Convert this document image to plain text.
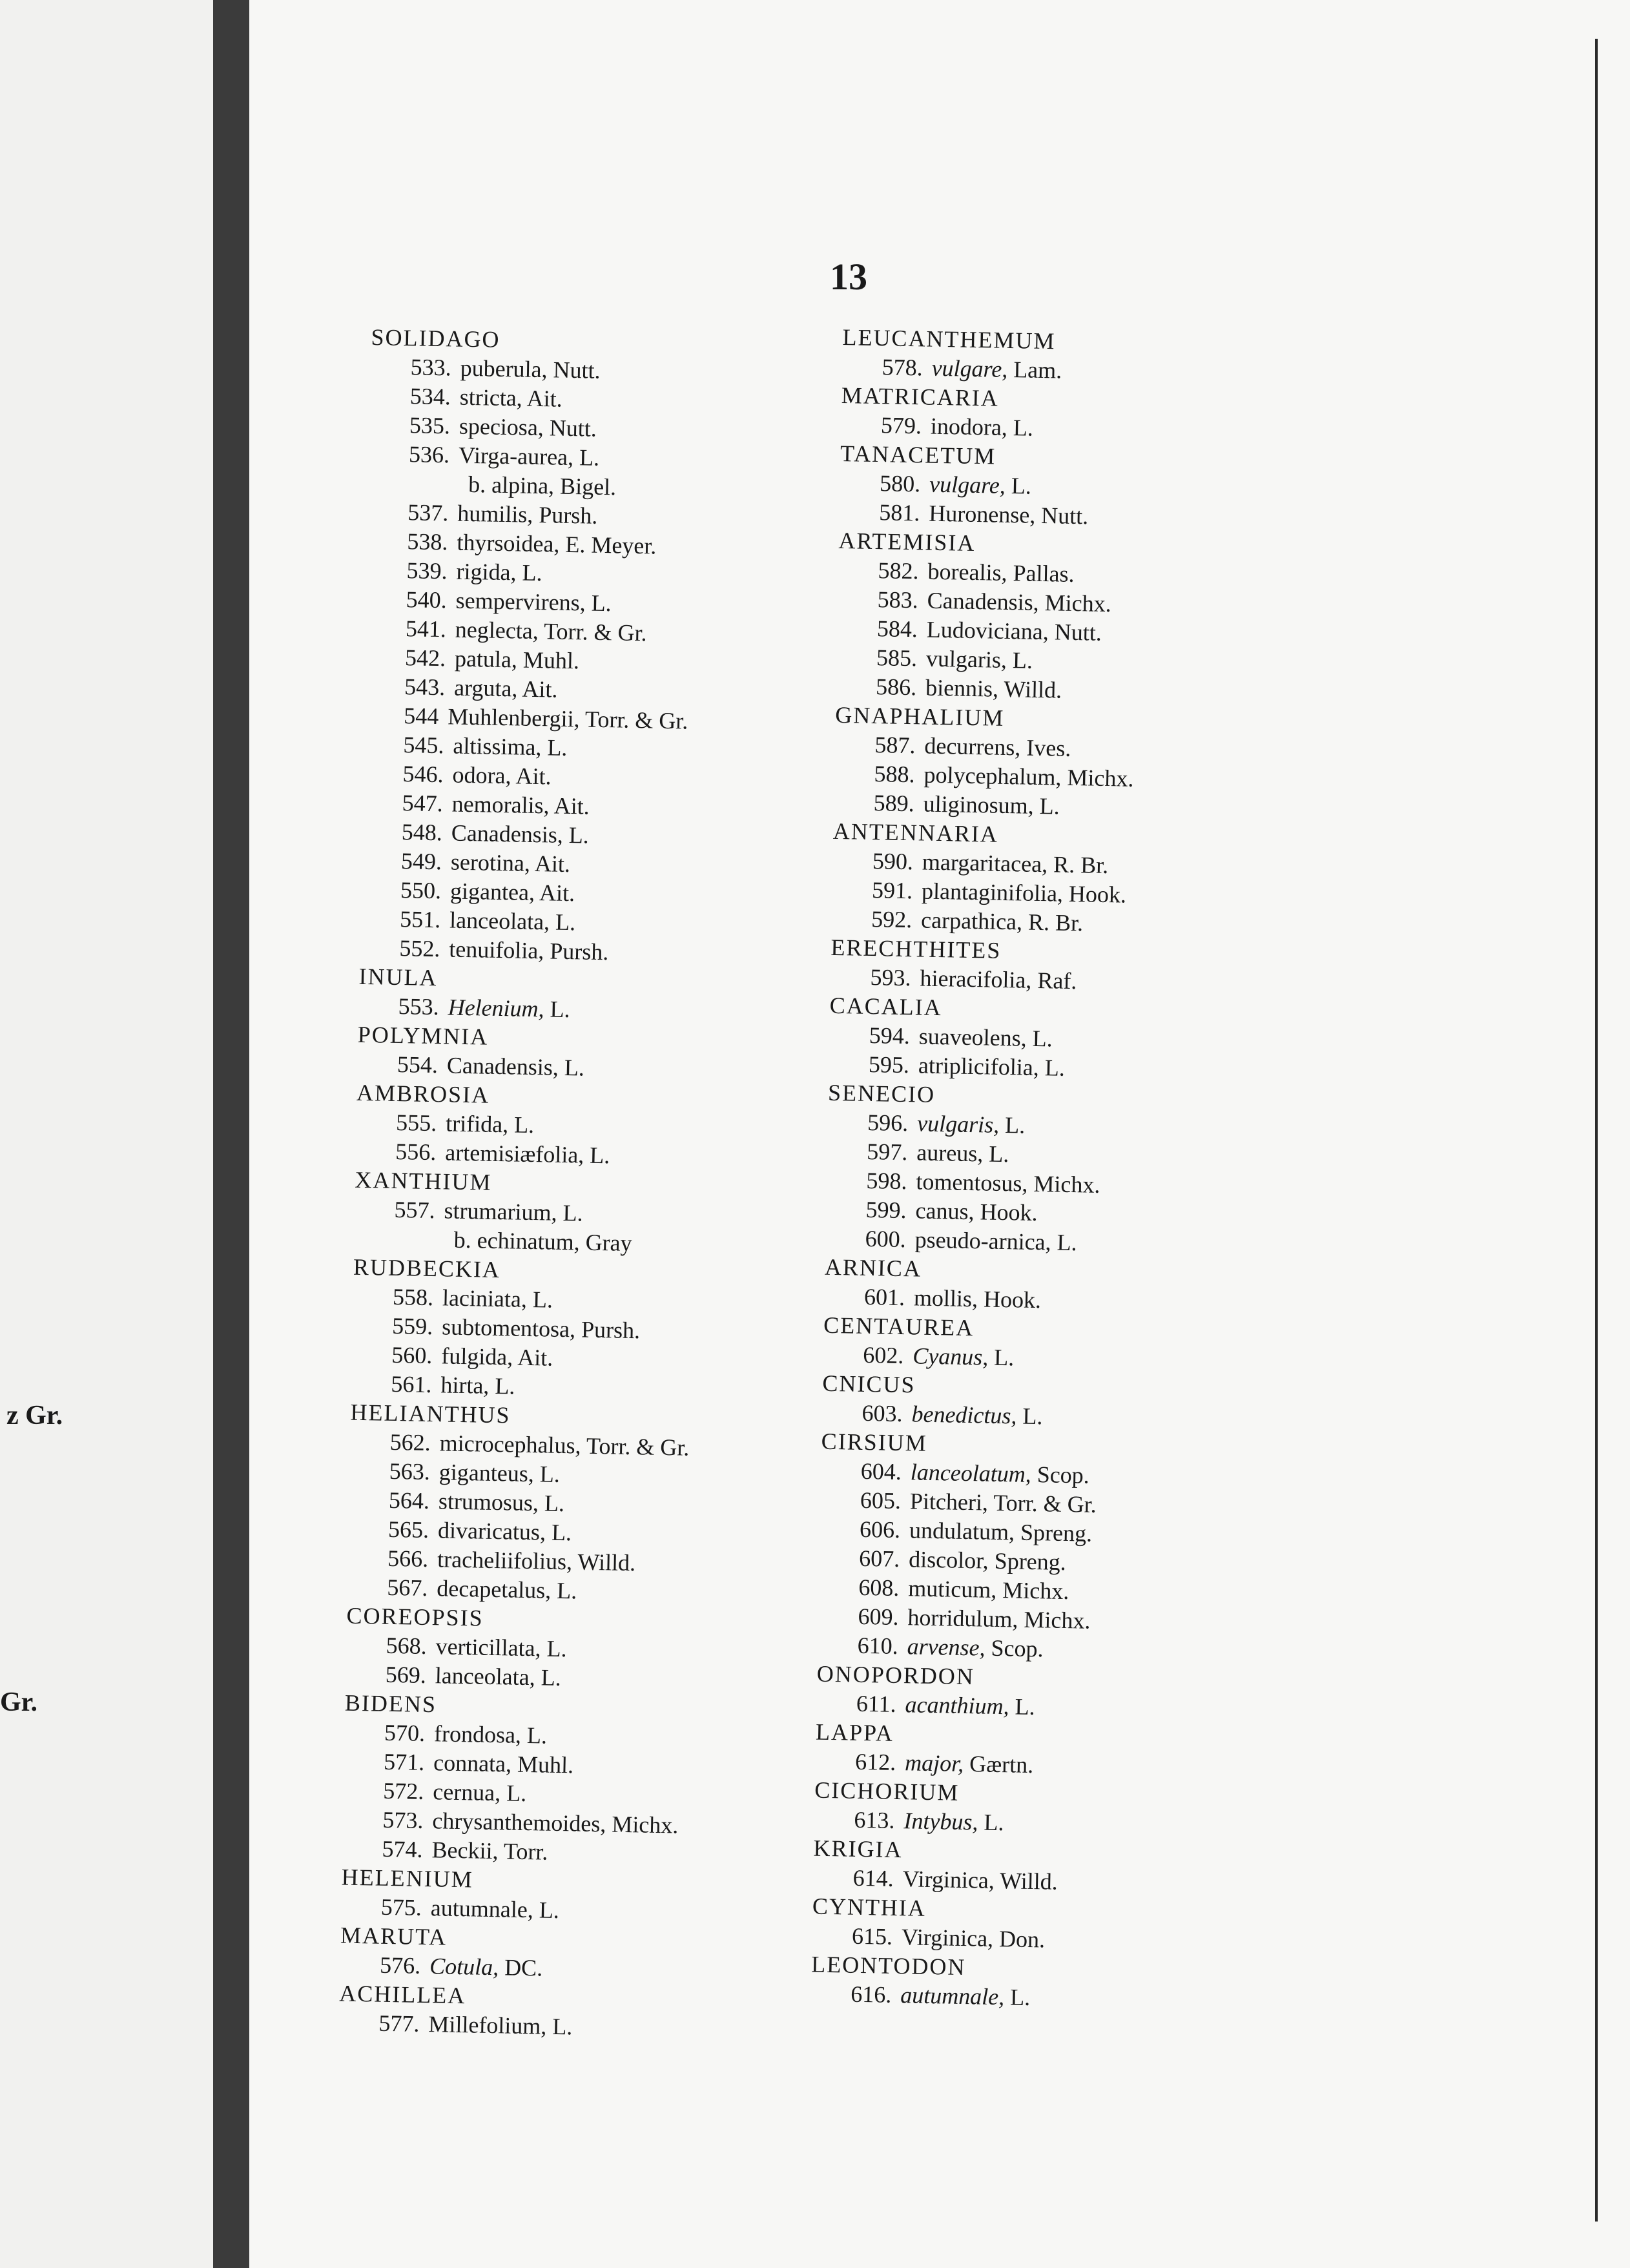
z Gr.
Gr.
13
SOLIDAGO
533. puberula, Nutt.
534. stricta, Ait.
535. speciosa, Nutt.
536. Virga-aurea, L.
b. alpina, Bigel.
537. humilis, Pursh.
538. thyrsoidea, E. Meyer.
539. rigida, L.
540. sempervirens, L.
541. neglecta, Torr. & Gr.
542. patula, Muhl.
543. arguta, Ait.
544 Muhlenbergii, Torr. & Gr.
545. altissima, L.
546. odora, Ait.
547. nemoralis, Ait.
548. Canadensis, L.
549. serotina, Ait.
550. gigantea, Ait.
551. lanceolata, L.
552. tenuifolia, Pursh.
INULA
553. Helenium, L.
POLYMNIA
554. Canadensis, L.
AMBROSIA
555. trifida, L.
556. artemisiæfolia, L.
XANTHIUM
557. strumarium, L.
b. echinatum, Gray
RUDBECKIA
558. laciniata, L.
559. subtomentosa, Pursh.
560. fulgida, Ait.
561. hirta, L.
HELIANTHUS
562. microcephalus, Torr. & Gr.
563. giganteus, L.
564. strumosus, L.
565. divaricatus, L.
566. tracheliifolius, Willd.
567. decapetalus, L.
COREOPSIS
568. verticillata, L.
569. lanceolata, L.
BIDENS
570. frondosa, L.
571. connata, Muhl.
572. cernua, L.
573. chrysanthemoides, Michx.
574. Beckii, Torr.
HELENIUM
575. autumnale, L.
MARUTA
576. Cotula, DC.
ACHILLEA
577. Millefolium, L.
LEUCANTHEMUM
578. vulgare, Lam.
MATRICARIA
579. inodora, L.
TANACETUM
580. vulgare, L.
581. Huronense, Nutt.
ARTEMISIA
582. borealis, Pallas.
583. Canadensis, Michx.
584. Ludoviciana, Nutt.
585. vulgaris, L.
586. biennis, Willd.
GNAPHALIUM
587. decurrens, Ives.
588. polycephalum, Michx.
589. uliginosum, L.
ANTENNARIA
590. margaritacea, R. Br.
591. plantaginifolia, Hook.
592. carpathica, R. Br.
ERECHTHITES
593. hieracifolia, Raf.
CACALIA
594. suaveolens, L.
595. atriplicifolia, L.
SENECIO
596. vulgaris, L.
597. aureus, L.
598. tomentosus, Michx.
599. canus, Hook.
600. pseudo-arnica, L.
ARNICA
601. mollis, Hook.
CENTAUREA
602. Cyanus, L.
CNICUS
603. benedictus, L.
CIRSIUM
604. lanceolatum, Scop.
605. Pitcheri, Torr. & Gr.
606. undulatum, Spreng.
607. discolor, Spreng.
608. muticum, Michx.
609. horridulum, Michx.
610. arvense, Scop.
ONOPORDON
611. acanthium, L.
LAPPA
612. major, Gærtn.
CICHORIUM
613. Intybus, L.
KRIGIA
614. Virginica, Willd.
CYNTHIA
615. Virginica, Don.
LEONTODON
616. autumnale, L.
